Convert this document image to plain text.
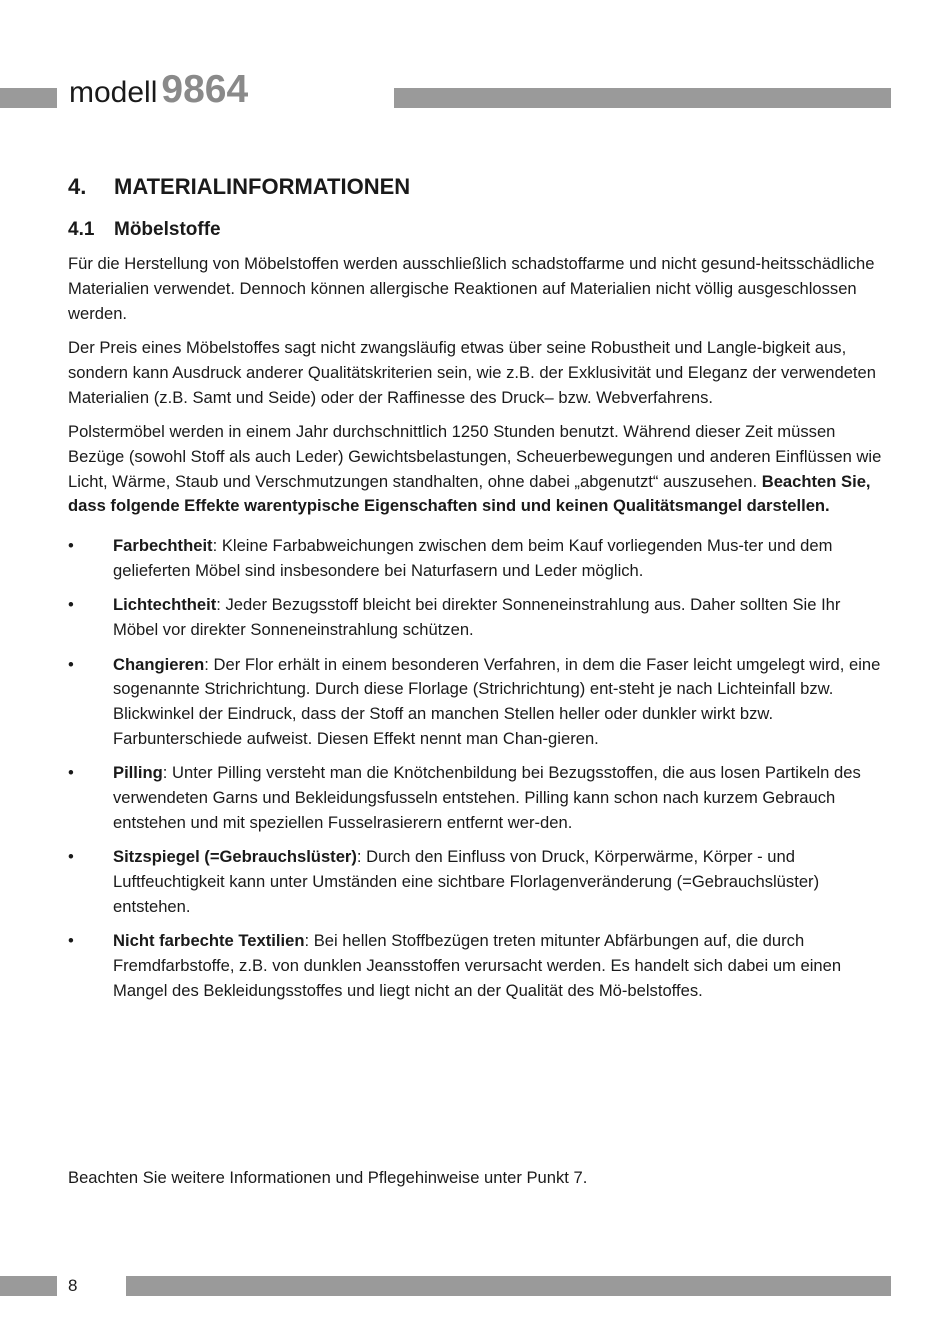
modell 9864
4. MATERIALINFORMATIONEN
4.1 Möbelstoffe

Für die Herstellung von Möbelstoffen werden ausschließlich schadstoffarme und nicht gesund-heitsschädliche Materialien verwendet. Dennoch können allergische Reaktionen auf Materialien nicht völlig ausgeschlossen werden.

Der Preis eines Möbelstoffes sagt nicht zwangsläufig etwas über seine Robustheit und Langle-bigkeit aus, sondern kann Ausdruck anderer Qualitätskriterien sein, wie z.B. der Exklusivität und Eleganz der verwendeten Materialien (z.B. Samt und Seide) oder der Raffinesse des Druck– bzw. Webverfahrens.

Polstermöbel werden in einem Jahr durchschnittlich 1250 Stunden benutzt. Während dieser Zeit müssen Bezüge (sowohl Stoff als auch Leder) Gewichtsbelastungen, Scheuerbewegungen und anderen Einflüssen wie Licht, Wärme, Staub und Verschmutzungen standhalten, ohne dabei „abgenutzt“ auszusehen. Beachten Sie, dass folgende Effekte warentypische Eigenschaften sind und keinen Qualitätsmangel darstellen.

• Farbechtheit: Kleine Farbabweichungen zwischen dem beim Kauf vorliegenden Mus-ter und dem gelieferten Möbel sind insbesondere bei Naturfasern und Leder möglich.
• Lichtechtheit: Jeder Bezugsstoff bleicht bei direkter Sonneneinstrahlung aus. Daher sollten Sie Ihr Möbel vor direkter Sonneneinstrahlung schützen.
• Changieren: Der Flor erhält in einem besonderen Verfahren, in dem die Faser leicht umgelegt wird, eine sogenannte Strichrichtung. Durch diese Florlage (Strichrichtung) ent-steht je nach Lichteinfall bzw. Blickwinkel der Eindruck, dass der Stoff an manchen Stellen heller oder dunkler wirkt bzw. Farbunterschiede aufweist. Diesen Effekt nennt man Chan-gieren.
• Pilling: Unter Pilling versteht man die Knötchenbildung bei Bezugsstoffen, die aus losen Partikeln des verwendeten Garns und Bekleidungsfusseln entstehen. Pilling kann schon nach kurzem Gebrauch entstehen und mit speziellen Fusselrasierern entfernt wer-den.
• Sitzspiegel (=Gebrauchslüster): Durch den Einfluss von Druck, Körperwärme, Körper - und Luftfeuchtigkeit kann unter Umständen eine sichtbare Florlagenveränderung (=Gebrauchslüster) entstehen.
• Nicht farbechte Textilien: Bei hellen Stoffbezügen treten mitunter Abfärbungen auf, die durch Fremdfarbstoffe, z.B. von dunklen Jeansstoffen verursacht werden. Es handelt sich dabei um einen Mangel des Bekleidungsstoffes und liegt nicht an der Qualität des Mö-belstoffes.

Beachten Sie weitere Informationen und Pflegehinweise unter Punkt 7.

8
